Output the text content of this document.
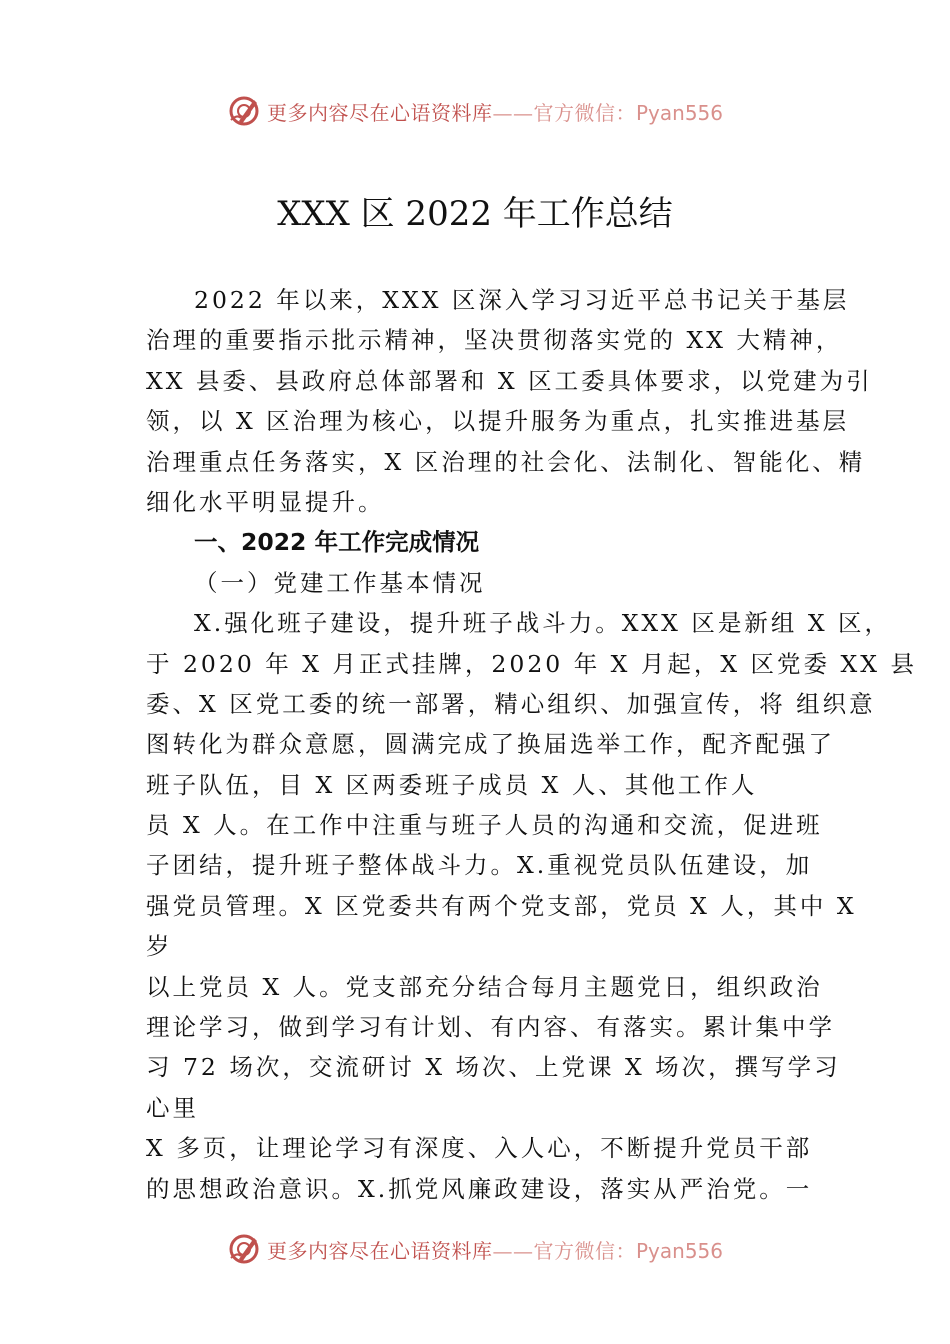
更多内容尽在心语资料库——官方微信：Pyan556
XXX 区 2022 年工作总结
2022 年以来，XXX 区深入学习习近平总书记关于基层
治理的重要指示批示精神，坚决贯彻落实党的 XX 大精神，
XX 县委、县政府总体部署和 X 区工委具体要求，以党建为引
领，以 X 区治理为核心，以提升服务为重点，扎实推进基层
治理重点任务落实，X 区治理的社会化、法制化、智能化、精
细化水平明显提升。
一、2022 年工作完成情况
（一）党建工作基本情况
X.强化班子建设，提升班子战斗力。XXX 区是新组 X 区，
于 2020 年 X 月正式挂牌，2020 年 X 月起，X 区党委 XX 县
委、X 区党工委的统一部署，精心组织、加强宣传，将 组织意
图转化为群众意愿，圆满完成了换届选举工作，配齐配强了
班子队伍，目 X 区两委班子成员 X 人、其他工作人
员 X 人。在工作中注重与班子人员的沟通和交流，促进班
子团结，提升班子整体战斗力。X.重视党员队伍建设，加
强党员管理。X 区党委共有两个党支部，党员 X 人，其中 X
岁
以上党员 X 人。党支部充分结合每月主题党日，组织政治
理论学习，做到学习有计划、有内容、有落实。累计集中学
习 72 场次，交流研讨 X 场次、上党课 X 场次，撰写学习
心里
X 多页，让理论学习有深度、入人心，不断提升党员干部
的思想政治意识。X.抓党风廉政建设，落实从严治党。一
更多内容尽在心语资料库——官方微信：Pyan556
